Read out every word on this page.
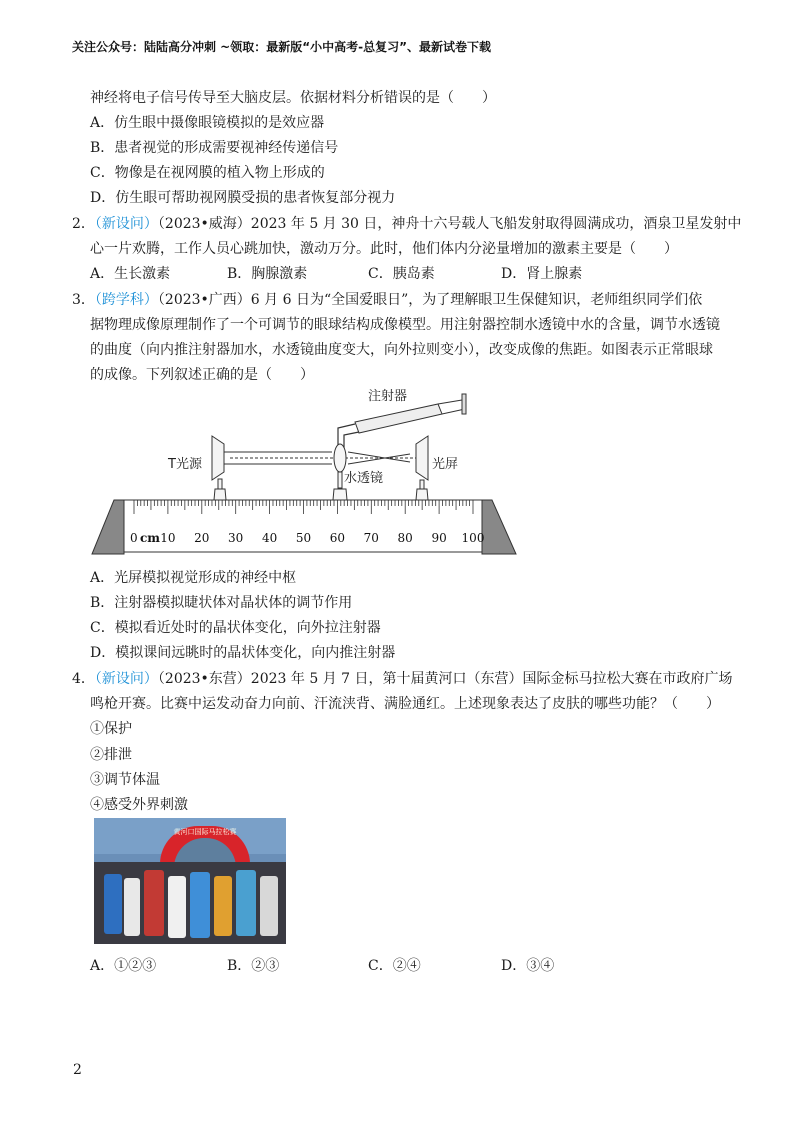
关注公众号：陆陆高分冲刺 ~领取：最新版“小中高考-总复习”、最新试卷下载
神经将电子信号传导至大脑皮层。依据材料分析错误的是（　　）
A．仿生眼中摄像眼镜模拟的是效应器
B．患者视觉的形成需要视神经传递信号
C．物像是在视网膜的植入物上形成的
D．仿生眼可帮助视网膜受损的患者恢复部分视力
2．（新设问）（2023•威海）2023 年 5 月 30 日，神舟十六号载人飞船发射取得圆满成功，酒泉卫星发射中
心一片欢腾，工作人员心跳加快，激动万分。此时，他们体内分泌量增加的激素主要是（　　）
A．生长激素	B．胸腺激素	C．胰岛素	D．肾上腺素
3．（跨学科）（2023•广西）6 月 6 日为“全国爱眼日”，为了理解眼卫生保健知识，老师组织同学们依
据物理成像原理制作了一个可调节的眼球结构成像模型。用注射器控制水透镜中水的含量，调节水透镜
的曲度（向内推注射器加水，水透镜曲度变大，向外拉则变小），改变成像的焦距。如图表示正常眼球
的成像。下列叙述正确的是（　　）
注射器
T光源
水透镜
光屏
0 cm 10 20 30 40 50 60 70 80 90 100
A．光屏模拟视觉形成的神经中枢
B．注射器模拟睫状体对晶状体的调节作用
C．模拟看近处时的晶状体变化，向外拉注射器
D．模拟课间远眺时的晶状体变化，向内推注射器
4．（新设问）（2023•东营）2023 年 5 月 7 日，第十届黄河口（东营）国际金标马拉松大赛在市政府广场
鸣枪开赛。比赛中运发动奋力向前、汗流浃背、满脸通红。上述现象表达了皮肤的哪些功能？（　　）
①保护
②排泄
③调节体温
④感受外界刺激
黄河口国际马拉松赛
A．①②③	B．②③	C．②④	D．③④
2
